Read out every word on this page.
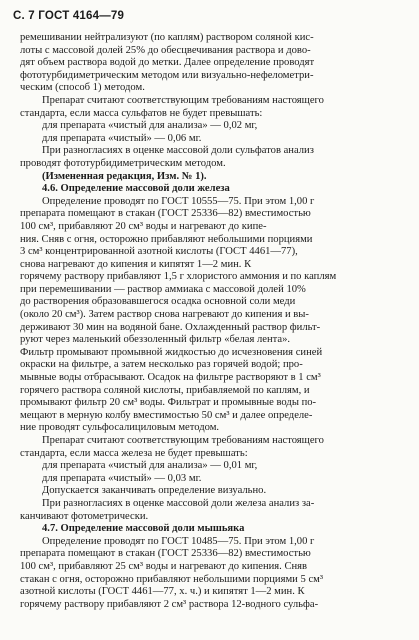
С. 7 ГОСТ 4164—79
ремешивании нейтрализуют (по каплям) раствором соляной кис-
лоты с массовой долей 25% до обесцвечивания раствора и дово-
дят объем раствора водой до метки. Далее определение проводят
фототурбидиметрическим методом или визуально-нефелометри-
ческим (способ 1) методом.
Препарат считают соответствующим требованиям настоящего
стандарта, если масса сульфатов не будет превышать:
для препарата «чистый для анализа» — 0,02 мг,
для препарата «чистый» — 0,06 мг.
При разногласиях в оценке массовой доли сульфатов анализ
проводят фототурбидиметрическим методом.
(Измененная редакция, Изм. № 1).
4.6. Определение массовой доли железа
Определение проводят по ГОСТ 10555—75. При этом 1,00 г
препарата помещают в стакан (ГОСТ 25336—82) вместимостью
100 см³, прибавляют 20 см³ воды и нагревают до кипе-
ния. Сняв с огня, осторожно прибавляют небольшими порциями
3 см³ концентрированной азотной кислоты (ГОСТ 4461—77),
снова нагревают до кипения и кипятят 1—2 мин. К
горячему раствору прибавляют 1,5 г хлористого аммония и по каплям
при перемешивании — раствор аммиака с массовой долей 10%
до растворения образовавшегося осадка основной соли меди
(около 20 см³). Затем раствор снова нагревают до кипения и вы-
держивают 30 мин на водяной бане. Охлажденный раствор фильт-
руют через маленький обеззоленный фильтр «белая лента».
Фильтр промывают промывной жидкостью до исчезновения синей
окраски на фильтре, а затем несколько раз горячей водой; про-
мывные воды отбрасывают. Осадок на фильтре растворяют в 1 см³
горячего раствора соляной кислоты, прибавляемой по каплям, и
промывают фильтр 20 см³ воды. Фильтрат и промывные воды по-
мещают в мерную колбу вместимостью 50 см³ и далее определе-
ние проводят сульфосалициловым методом.
Препарат считают соответствующим требованиям настоящего
стандарта, если масса железа не будет превышать:
для препарата «чистый для анализа» — 0,01 мг,
для препарата «чистый» — 0,03 мг.
Допускается заканчивать определение визуально.
При разногласиях в оценке массовой доли железа анализ за-
канчивают фотометрически.
4.7. Определение массовой доли мышьяка
Определение проводят по ГОСТ 10485—75. При этом 1,00 г
препарата помещают в стакан (ГОСТ 25336—82) вместимостью
100 см³, прибавляют 25 см³ воды и нагревают до кипения. Сняв
стакан с огня, осторожно прибавляют небольшими порциями 5 см³
азотной кислоты (ГОСТ 4461—77, х. ч.) и кипятят 1—2 мин. К
горячему раствору прибавляют 2 см³ раствора 12-водного сульфа-
